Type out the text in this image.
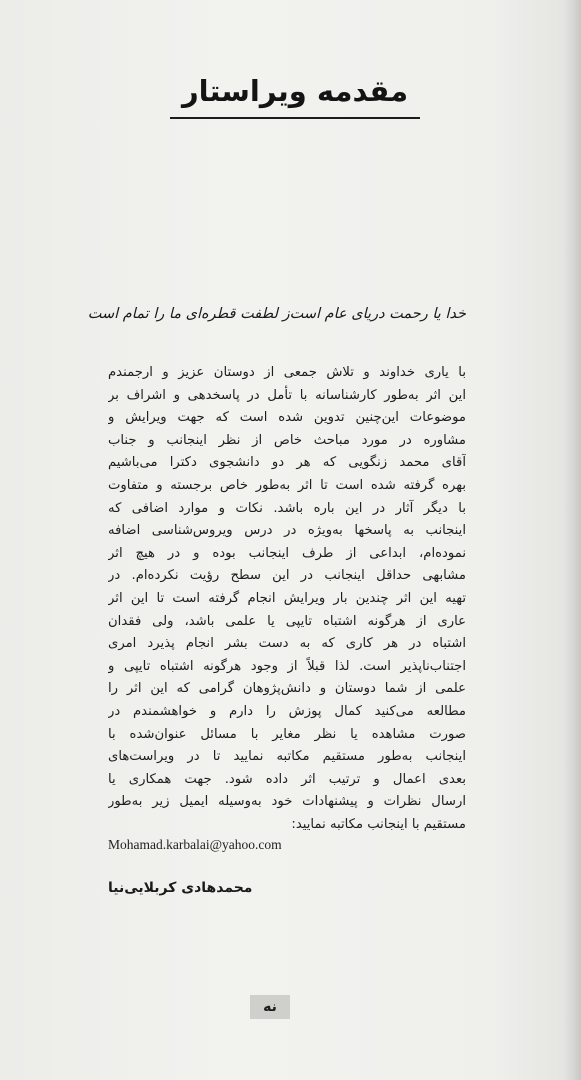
مقدمه ویراستار
خدا یا رحمت دریای عام است
ز لطفت قطره‌ای ما را تمام است
با یاری خداوند و تلاش جمعی از دوستان عزیز و ارجمندم
این اثر به‌طور کارشناسانه با تأمل در پاسخدهی و اشراف بر
موضوعات این‌چنین تدوین شده است که جهت ویرایش و
مشاوره در مورد مباحث خاص از نظر اینجانب و جناب
آقای محمد زنگویی که هر دو دانشجوی دکترا می‌باشیم
بهره گرفته شده است تا اثر به‌طور خاص برجسته و متفاوت
با دیگر آثار در این باره باشد. نکات و موارد اضافی که
اینجانب به پاسخها به‌ویژه در درس ویروس‌شناسی اضافه
نموده‌ام، ابداعی از طرف اینجانب بوده و در هیچ اثر
مشابهی حداقل اینجانب در این سطح رؤیت نکرده‌ام. در
تهیه این اثر چندین بار ویرایش انجام گرفته است تا این اثر
عاری از هرگونه اشتباه تایپی یا علمی باشد، ولی فقدان
اشتباه در هر کاری که به دست بشر انجام پذیرد امری
اجتناب‌ناپذیر است. لذا قبلاً از وجود هرگونه اشتباه تایپی و
علمی از شما دوستان و دانش‌پژوهان گرامی که این اثر را
مطالعه می‌کنید کمال پوزش را دارم و خواهشمندم در
صورت مشاهده یا نظر مغایر با مسائل عنوان‌شده با
اینجانب به‌طور مستقیم مکاتبه نمایید تا در ویراست‌های
بعدی اعمال و ترتیب اثر داده شود. جهت همکاری یا
ارسال نظرات و پیشنهادات خود به‌وسیله ایمیل زیر به‌طور
مستقیم با اینجانب مکاتبه نمایید:
Mohamad.karbalai@yahoo.com
محمدهادی کربلایی‌نیا
نه
